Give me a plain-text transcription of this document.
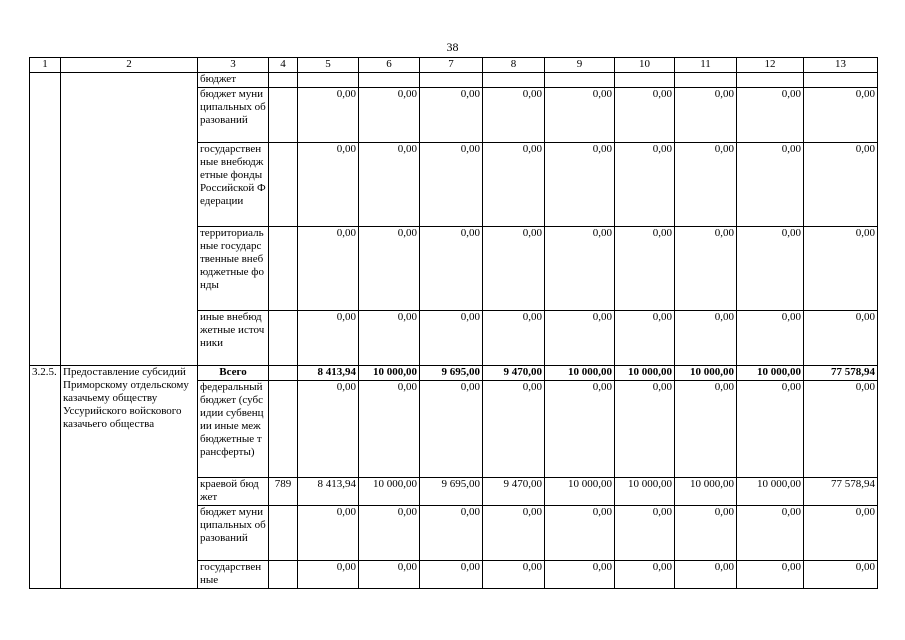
38
1	2	3	4	5	6	7	8	9	10	11	12	13
		бюджет										
		бюджет муниципальных образований		0,00	0,00	0,00	0,00	0,00	0,00	0,00	0,00	0,00
		государственные внебюджетные фонды Российской Федерации		0,00	0,00	0,00	0,00	0,00	0,00	0,00	0,00	0,00
		территориальные государственные внебюджетные фонды		0,00	0,00	0,00	0,00	0,00	0,00	0,00	0,00	0,00
		иные внебюджетные источники		0,00	0,00	0,00	0,00	0,00	0,00	0,00	0,00	0,00
3.2.5.	Предоставление субсидий Приморскому отдельскому казачьему обществу Уссурийского войскового казачьего общества	Всего		8 413,94	10 000,00	9 695,00	9 470,00	10 000,00	10 000,00	10 000,00	10 000,00	77 578,94
		федеральный бюджет (субсидии субвенции иные межбюджетные трансферты)		0,00	0,00	0,00	0,00	0,00	0,00	0,00	0,00	0,00
		краевой бюджет	789	8 413,94	10 000,00	9 695,00	9 470,00	10 000,00	10 000,00	10 000,00	10 000,00	77 578,94
		бюджет муниципальных образований		0,00	0,00	0,00	0,00	0,00	0,00	0,00	0,00	0,00
		государственные		0,00	0,00	0,00	0,00	0,00	0,00	0,00	0,00	0,00
